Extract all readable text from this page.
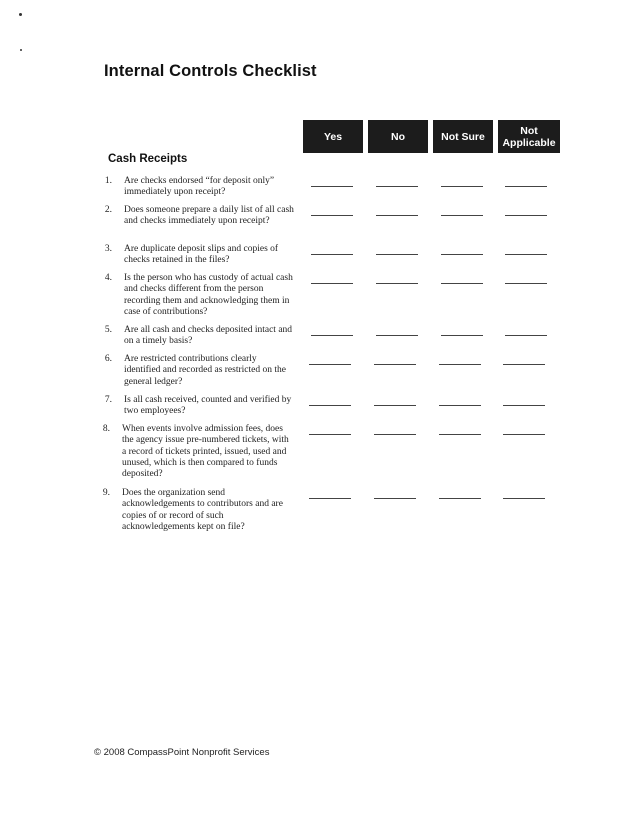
Internal Controls Checklist
Yes	No	Not Sure	Not Applicable
Cash Receipts
1. Are checks endorsed “for deposit only” immediately upon receipt?
2. Does someone prepare a daily list of all cash and checks immediately upon receipt?
3. Are duplicate deposit slips and copies of checks retained in the files?
4. Is the person who has custody of actual cash and checks different from the person recording them and acknowledging them in case of contributions?
5. Are all cash and checks deposited intact and on a timely basis?
6. Are restricted contributions clearly identified and recorded as restricted on the general ledger?
7. Is all cash received, counted and verified by two employees?
8. When events involve admission fees, does the agency issue pre-numbered tickets, with a record of tickets printed, issued, used and unused, which is then compared to funds deposited?
9. Does the organization send acknowledgements to contributors and are copies of or record of such acknowledgements kept on file?
© 2008 CompassPoint Nonprofit Services
